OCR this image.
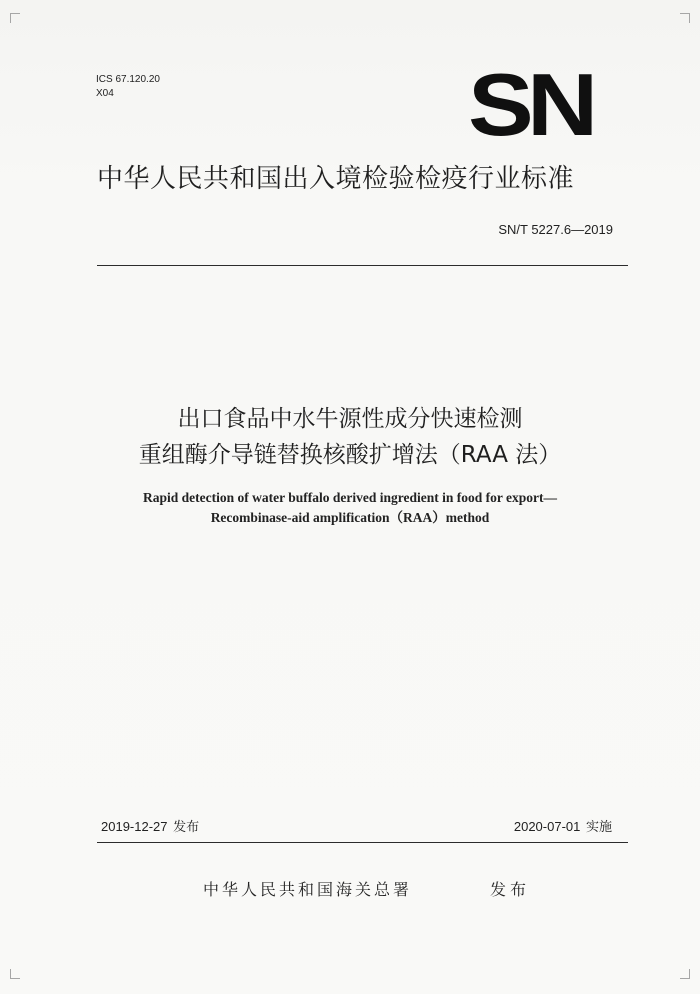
ICS 67.120.20
X04	SN
中华人民共和国出入境检验检疫行业标准
SN/T 5227.6—2019
出口食品中水牛源性成分快速检测
重组酶介导链替换核酸扩增法（RAA 法）
Rapid detection of water buffalo derived ingredient in food for export—
Recombinase-aid amplification（RAA）method
2019-12-27 发布	2020-07-01 实施
中华人民共和国海关总署	发布
